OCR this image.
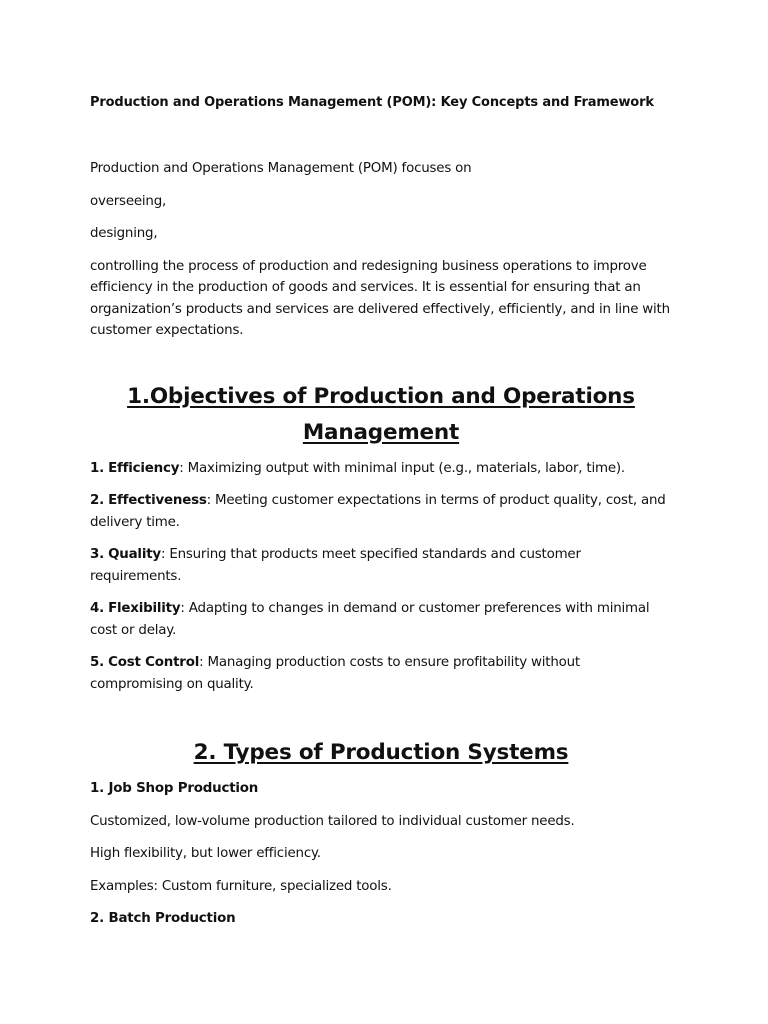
Production and Operations Management (POM): Key Concepts and Framework

Production and Operations Management (POM) focuses on

overseeing,

designing,

controlling the process of production and redesigning business operations to improve efficiency in the production of goods and services. It is essential for ensuring that an organization’s products and services are delivered effectively, efficiently, and in line with customer expectations.

1.Objectives of Production and Operations Management
1. Efficiency: Maximizing output with minimal input (e.g., materials, labor, time).
2. Effectiveness: Meeting customer expectations in terms of product quality, cost, and delivery time.
3. Quality: Ensuring that products meet specified standards and customer requirements.
4. Flexibility: Adapting to changes in demand or customer preferences with minimal cost or delay.
5. Cost Control: Managing production costs to ensure profitability without compromising on quality.
2. Types of Production Systems

1. Job Shop Production

Customized, low-volume production tailored to individual customer needs.

High flexibility, but lower efficiency.

Examples: Custom furniture, specialized tools.

2. Batch Production
